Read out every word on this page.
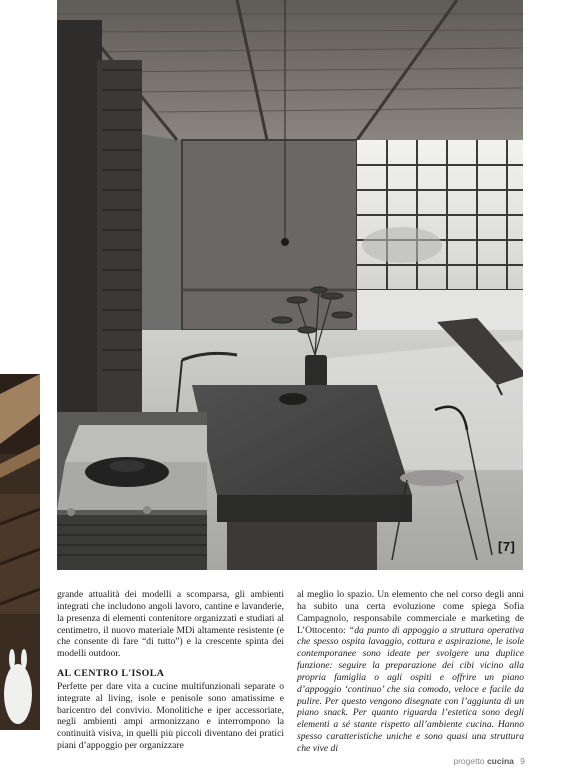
[7]

grande attualità dei modelli a scomparsa, gli ambienti integrati che includono angoli lavoro, cantine e lavanderie, la presenza di elementi contenitore organizzati e studiati al centimetro, il nuovo materiale MDi altamente resistente (e che consente di fare “di tutto”) e la crescente spinta dei modelli outdoor.

AL CENTRO L'ISOLA

Perfette per dare vita a cucine multifunzionali separate o integrate al living, isole e penisole sono amatissime e baricentro del convivio. Monolitiche e iper accessoriate, negli ambienti ampi armonizzano e interrompono la continuità visiva, in quelli più piccoli diventano dei pratici piani d’appoggio per organizzare

al meglio lo spazio. Un elemento che nel corso degli anni ha subito una certa evoluzione come spiega Sofia Campagnolo, responsabile commerciale e marketing de L’Ottocento: “da punto di appoggio a struttura operativa che spesso ospita lavaggio, cottura e aspirazione, le isole contemporanee sono ideate per svolgere una duplice funzione: seguire la preparazione dei cibi vicino alla propria famiglia o agli ospiti e offrire un piano d’appoggio ‘continuo’ che sia comodo, veloce e facile da pulire. Per questo vengono disegnate con l’aggiunta di un piano snack. Per quanto riguarda l’estetica sono degli elementi a sé stante rispetto all’ambiente cucina. Hanno spesso caratteristiche uniche e sono quasi una struttura che vive di

progetto cucina 9
